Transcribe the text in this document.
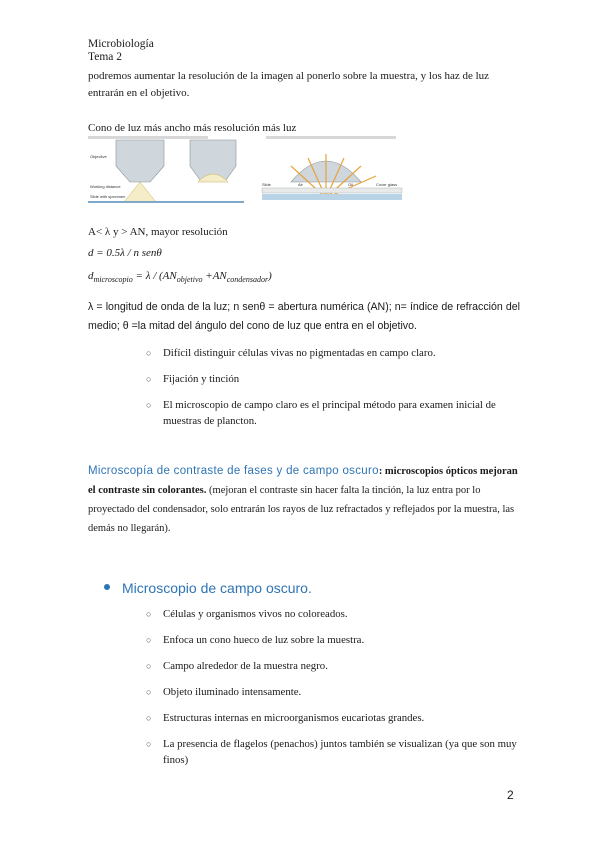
Microbiología
Tema 2
podremos aumentar la resolución de la imagen al ponerlo sobre la muestra, y los haz de luz entrarán en el objetivo.
Cono de luz más ancho más resolución más luz
Objective
Working distance
Slide with specimen
Slide	Air	Oil	Cover glass
A< λ y > AN, mayor resolución
d = 0.5λ / n senθ
$d_{microscopio} = \lambda / (AN_{objetivo} +AN_{condensador})$
λ = longitud de onda de la luz; n senθ = abertura numérica (AN); n= índice de refracción del medio; θ =la mitad del ángulo del cono de luz que entra en el objetivo.
○ Difícil distinguir células vivas no pigmentadas en campo claro.
○ Fijación y tinción
○ El microscopio de campo claro es el principal método para examen inicial de muestras de plancton.
Microscopía de contraste de fases y de campo oscuro: microscopios ópticos mejoran el contraste sin colorantes. (mejoran el contraste sin hacer falta la tinción, la luz entra por lo proyectado del condensador, solo entrarán los rayos de luz refractados y reflejados por la muestra, las demás no llegarán).
Microscopio de campo oscuro.
○ Células y organismos vivos no coloreados.
○ Enfoca un cono hueco de luz sobre la muestra.
○ Campo alrededor de la muestra negro.
○ Objeto iluminado intensamente.
○ Estructuras internas en microorganismos eucariotas grandes.
○ La presencia de flagelos (penachos) juntos también se visualizan (ya que son muy finos)
2
